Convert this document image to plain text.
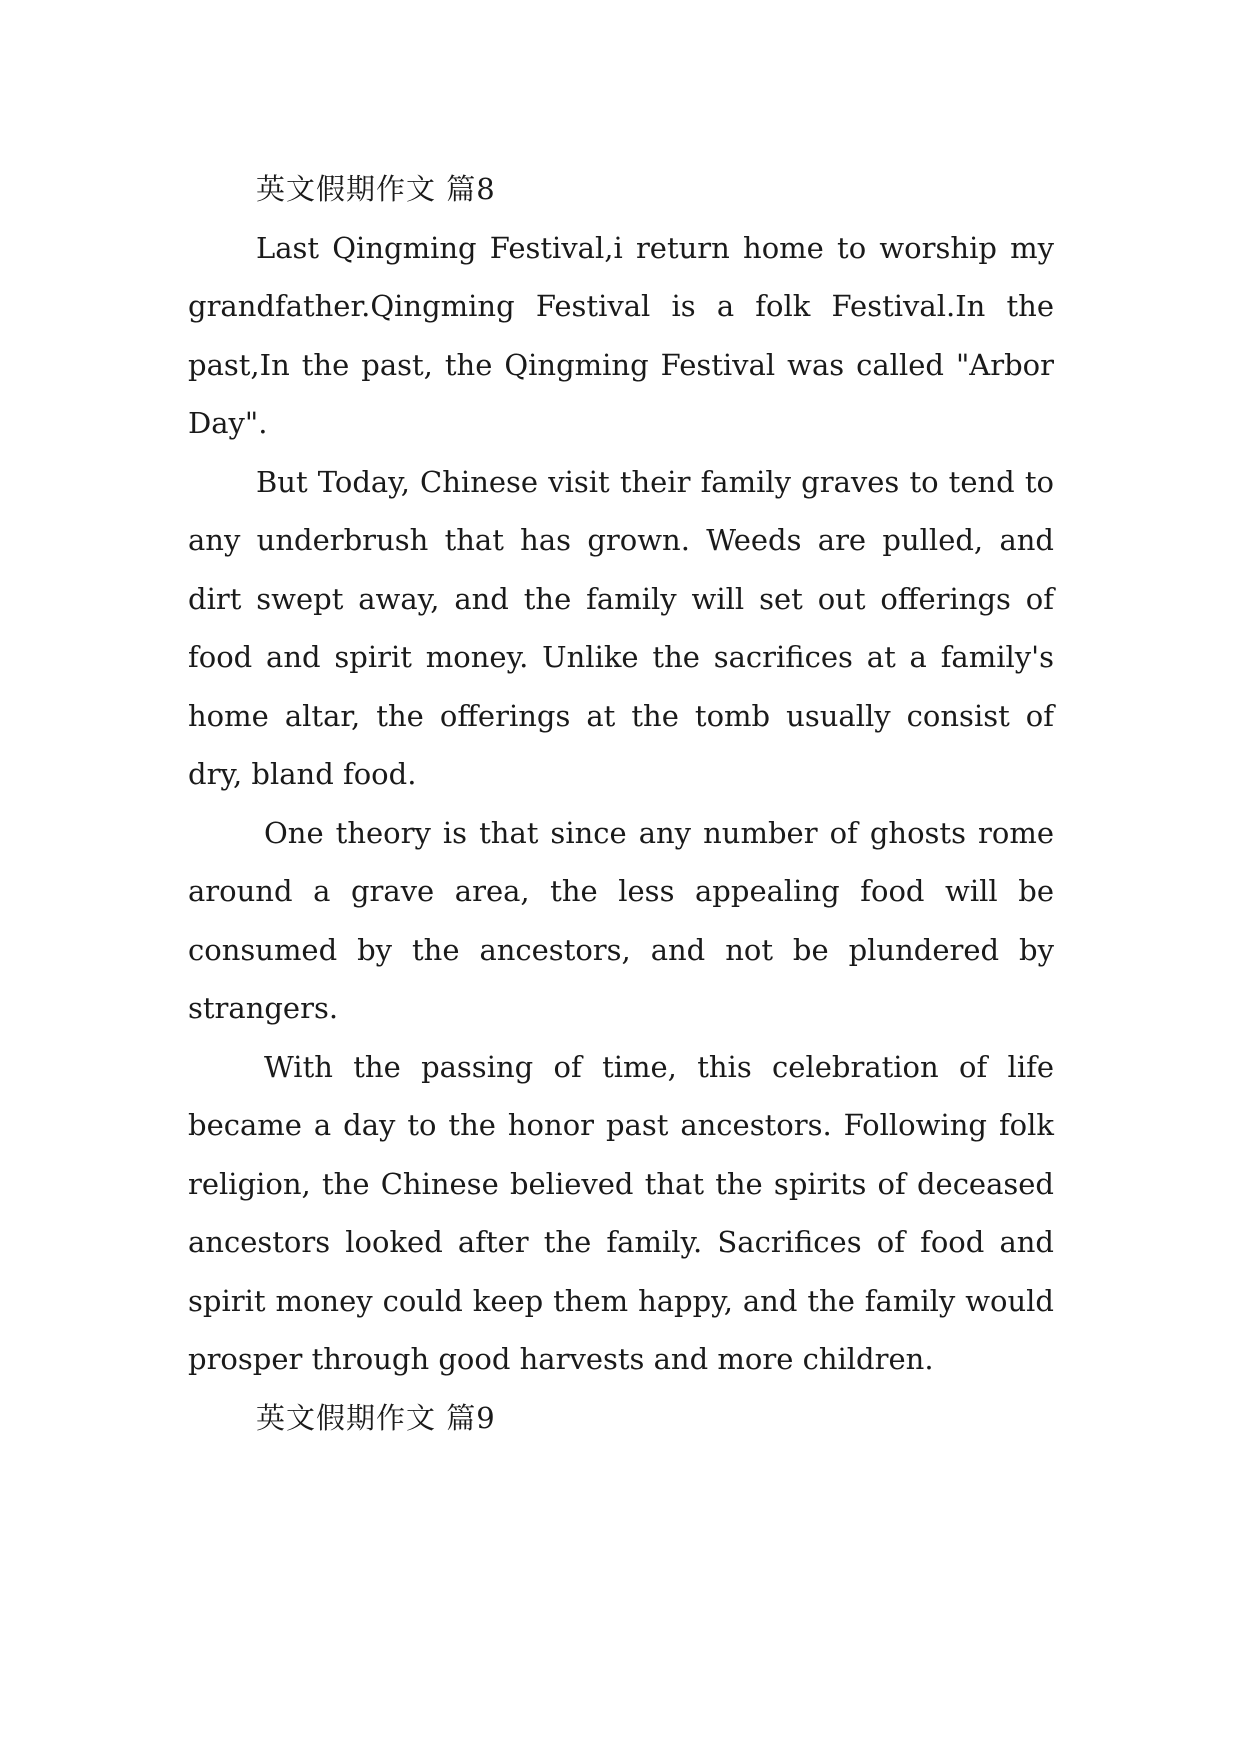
英文假期作文 篇8

Last Qingming Festival,i return home to worship my grandfather.Qingming Festival is a folk Festival.In the past,In the past, the Qingming Festival was called "Arbor Day".

But Today, Chinese visit their family graves to tend to any underbrush that has grown. Weeds are pulled, and dirt swept away, and the family will set out offerings of food and spirit money. Unlike the sacrifices at a family's home altar, the offerings at the tomb usually consist of dry, bland food.

One theory is that since any number of ghosts rome around a grave area, the less appealing food will be consumed by the ancestors, and not be plundered by strangers.

With the passing of time, this celebration of life became a day to the honor past ancestors. Following folk religion, the Chinese believed that the spirits of deceased ancestors looked after the family. Sacrifices of food and spirit money could keep them happy, and the family would prosper through good harvests and more children.

英文假期作文 篇9
